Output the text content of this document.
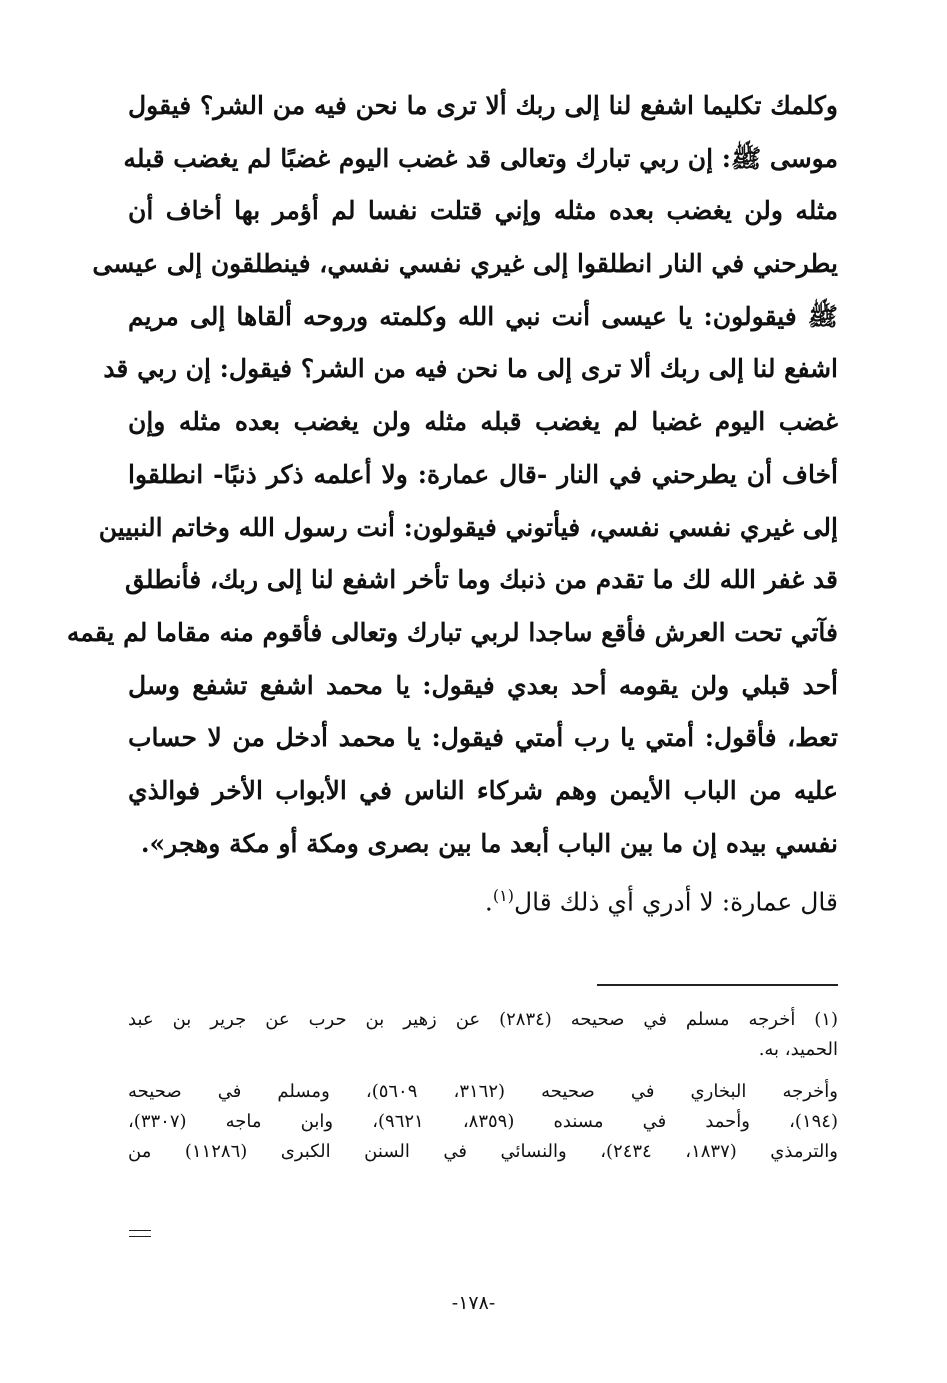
وكلمك تكليما اشفع لنا إلى ربك ألا ترى ما نحن فيه من الشر؟ فيقول
موسى ﷺ: إن ربي تبارك وتعالى قد غضب اليوم غضبًا لم يغضب قبله
مثله ولن يغضب بعده مثله وإني قتلت نفسا لم أؤمر بها أخاف أن
يطرحني في النار انطلقوا إلى غيري نفسي نفسي، فينطلقون إلى عيسى
ﷺ فيقولون: يا عيسى أنت نبي الله وكلمته وروحه ألقاها إلى مريم
اشفع لنا إلى ربك ألا ترى إلى ما نحن فيه من الشر؟ فيقول: إن ربي قد
غضب اليوم غضبا لم يغضب قبله مثله ولن يغضب بعده مثله وإن
أخاف أن يطرحني في النار -قال عمارة: ولا أعلمه ذكر ذنبًا- انطلقوا
إلى غيري نفسي نفسي، فيأتوني فيقولون: أنت رسول الله وخاتم النبيين
قد غفر الله لك ما تقدم من ذنبك وما تأخر اشفع لنا إلى ربك، فأنطلق
فآتي تحت العرش فأقع ساجدا لربي تبارك وتعالى فأقوم منه مقاما لم يقمه
أحد قبلي ولن يقومه أحد بعدي فيقول: يا محمد اشفع تشفع وسل
تعط، فأقول: أمتي يا رب أمتي فيقول: يا محمد أدخل من لا حساب
عليه من الباب الأيمن وهم شركاء الناس في الأبواب الأخر فوالذي
نفسي بيده إن ما بين الباب أبعد ما بين بصرى ومكة أو مكة وهجر».
قال عمارة: لا أدري أي ذلك قال$^{(١)}$.
(١) أخرجه مسلم في صحيحه (٢٨٣٤) عن زهير بن حرب عن جرير بن عبد
الحميد، به.
وأخرجه البخاري في صحيحه (٣١٦٢، ٥٦٠٩)، ومسلم في صحيحه
(١٩٤)، وأحمد في مسنده (٨٣٥٩، ٩٦٢١)، وابن ماجه (٣٣٠٧)،
والترمذي (١٨٣٧، ٢٤٣٤)، والنسائي في السنن الكبرى (١١٢٨٦) من
-١٧٨-
